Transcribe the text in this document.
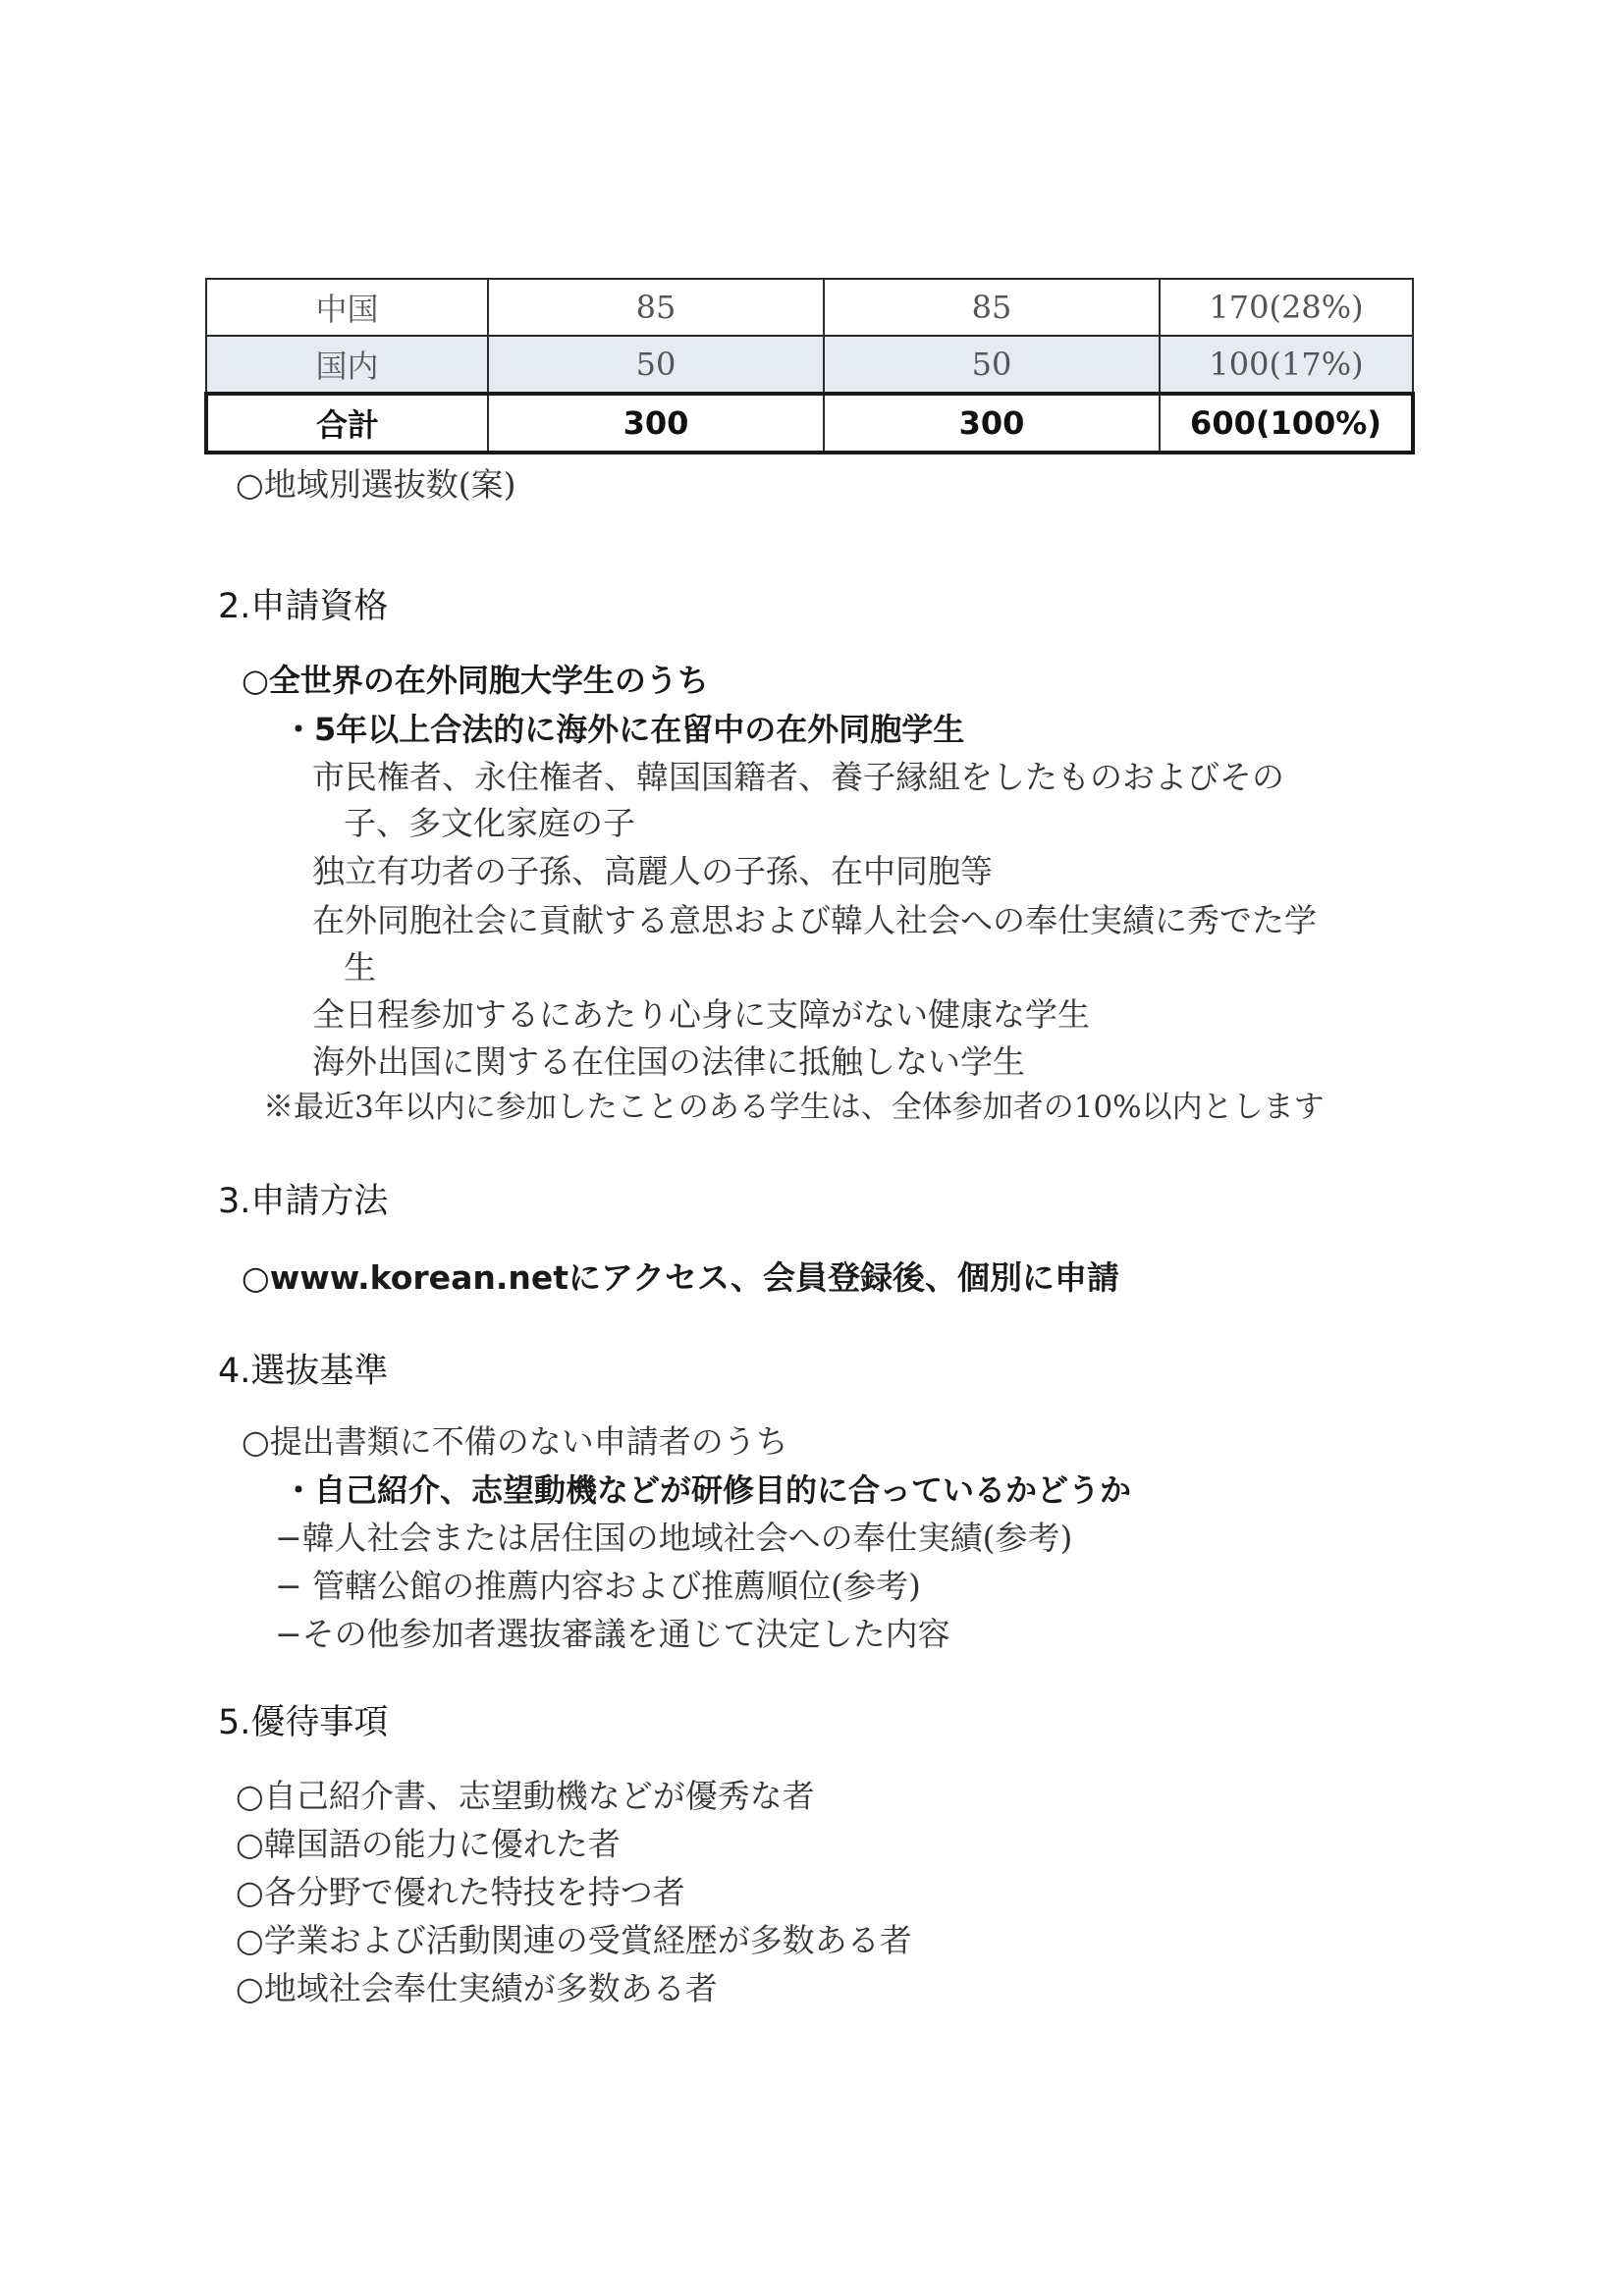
中国	85	85	170(28%)
国内	50	50	100(17%)
合計	300	300	600(100%)
○地域別選抜数(案)
2.申請資格
○全世界の在外同胞大学生のうち
・5年以上合法的に海外に在留中の在外同胞学生
市民権者、永住権者、韓国国籍者、養子縁組をしたものおよびその
子、多文化家庭の子
独立有功者の子孫、高麗人の子孫、在中同胞等
在外同胞社会に貢献する意思および韓人社会への奉仕実績に秀でた学
生
全日程参加するにあたり心身に支障がない健康な学生
海外出国に関する在住国の法律に抵触しない学生
※最近3年以内に参加したことのある学生は、全体参加者の10%以内とします
3.申請方法
○www.korean.netにアクセス、会員登録後、個別に申請
4.選抜基準
○提出書類に不備のない申請者のうち
・自己紹介、志望動機などが研修目的に合っているかどうか
−韓人社会または居住国の地域社会への奉仕実績(参考)
− 管轄公館の推薦内容および推薦順位(参考)
−その他参加者選抜審議を通じて決定した内容
5.優待事項
○自己紹介書、志望動機などが優秀な者
○韓国語の能力に優れた者
○各分野で優れた特技を持つ者
○学業および活動関連の受賞経歴が多数ある者
○地域社会奉仕実績が多数ある者
